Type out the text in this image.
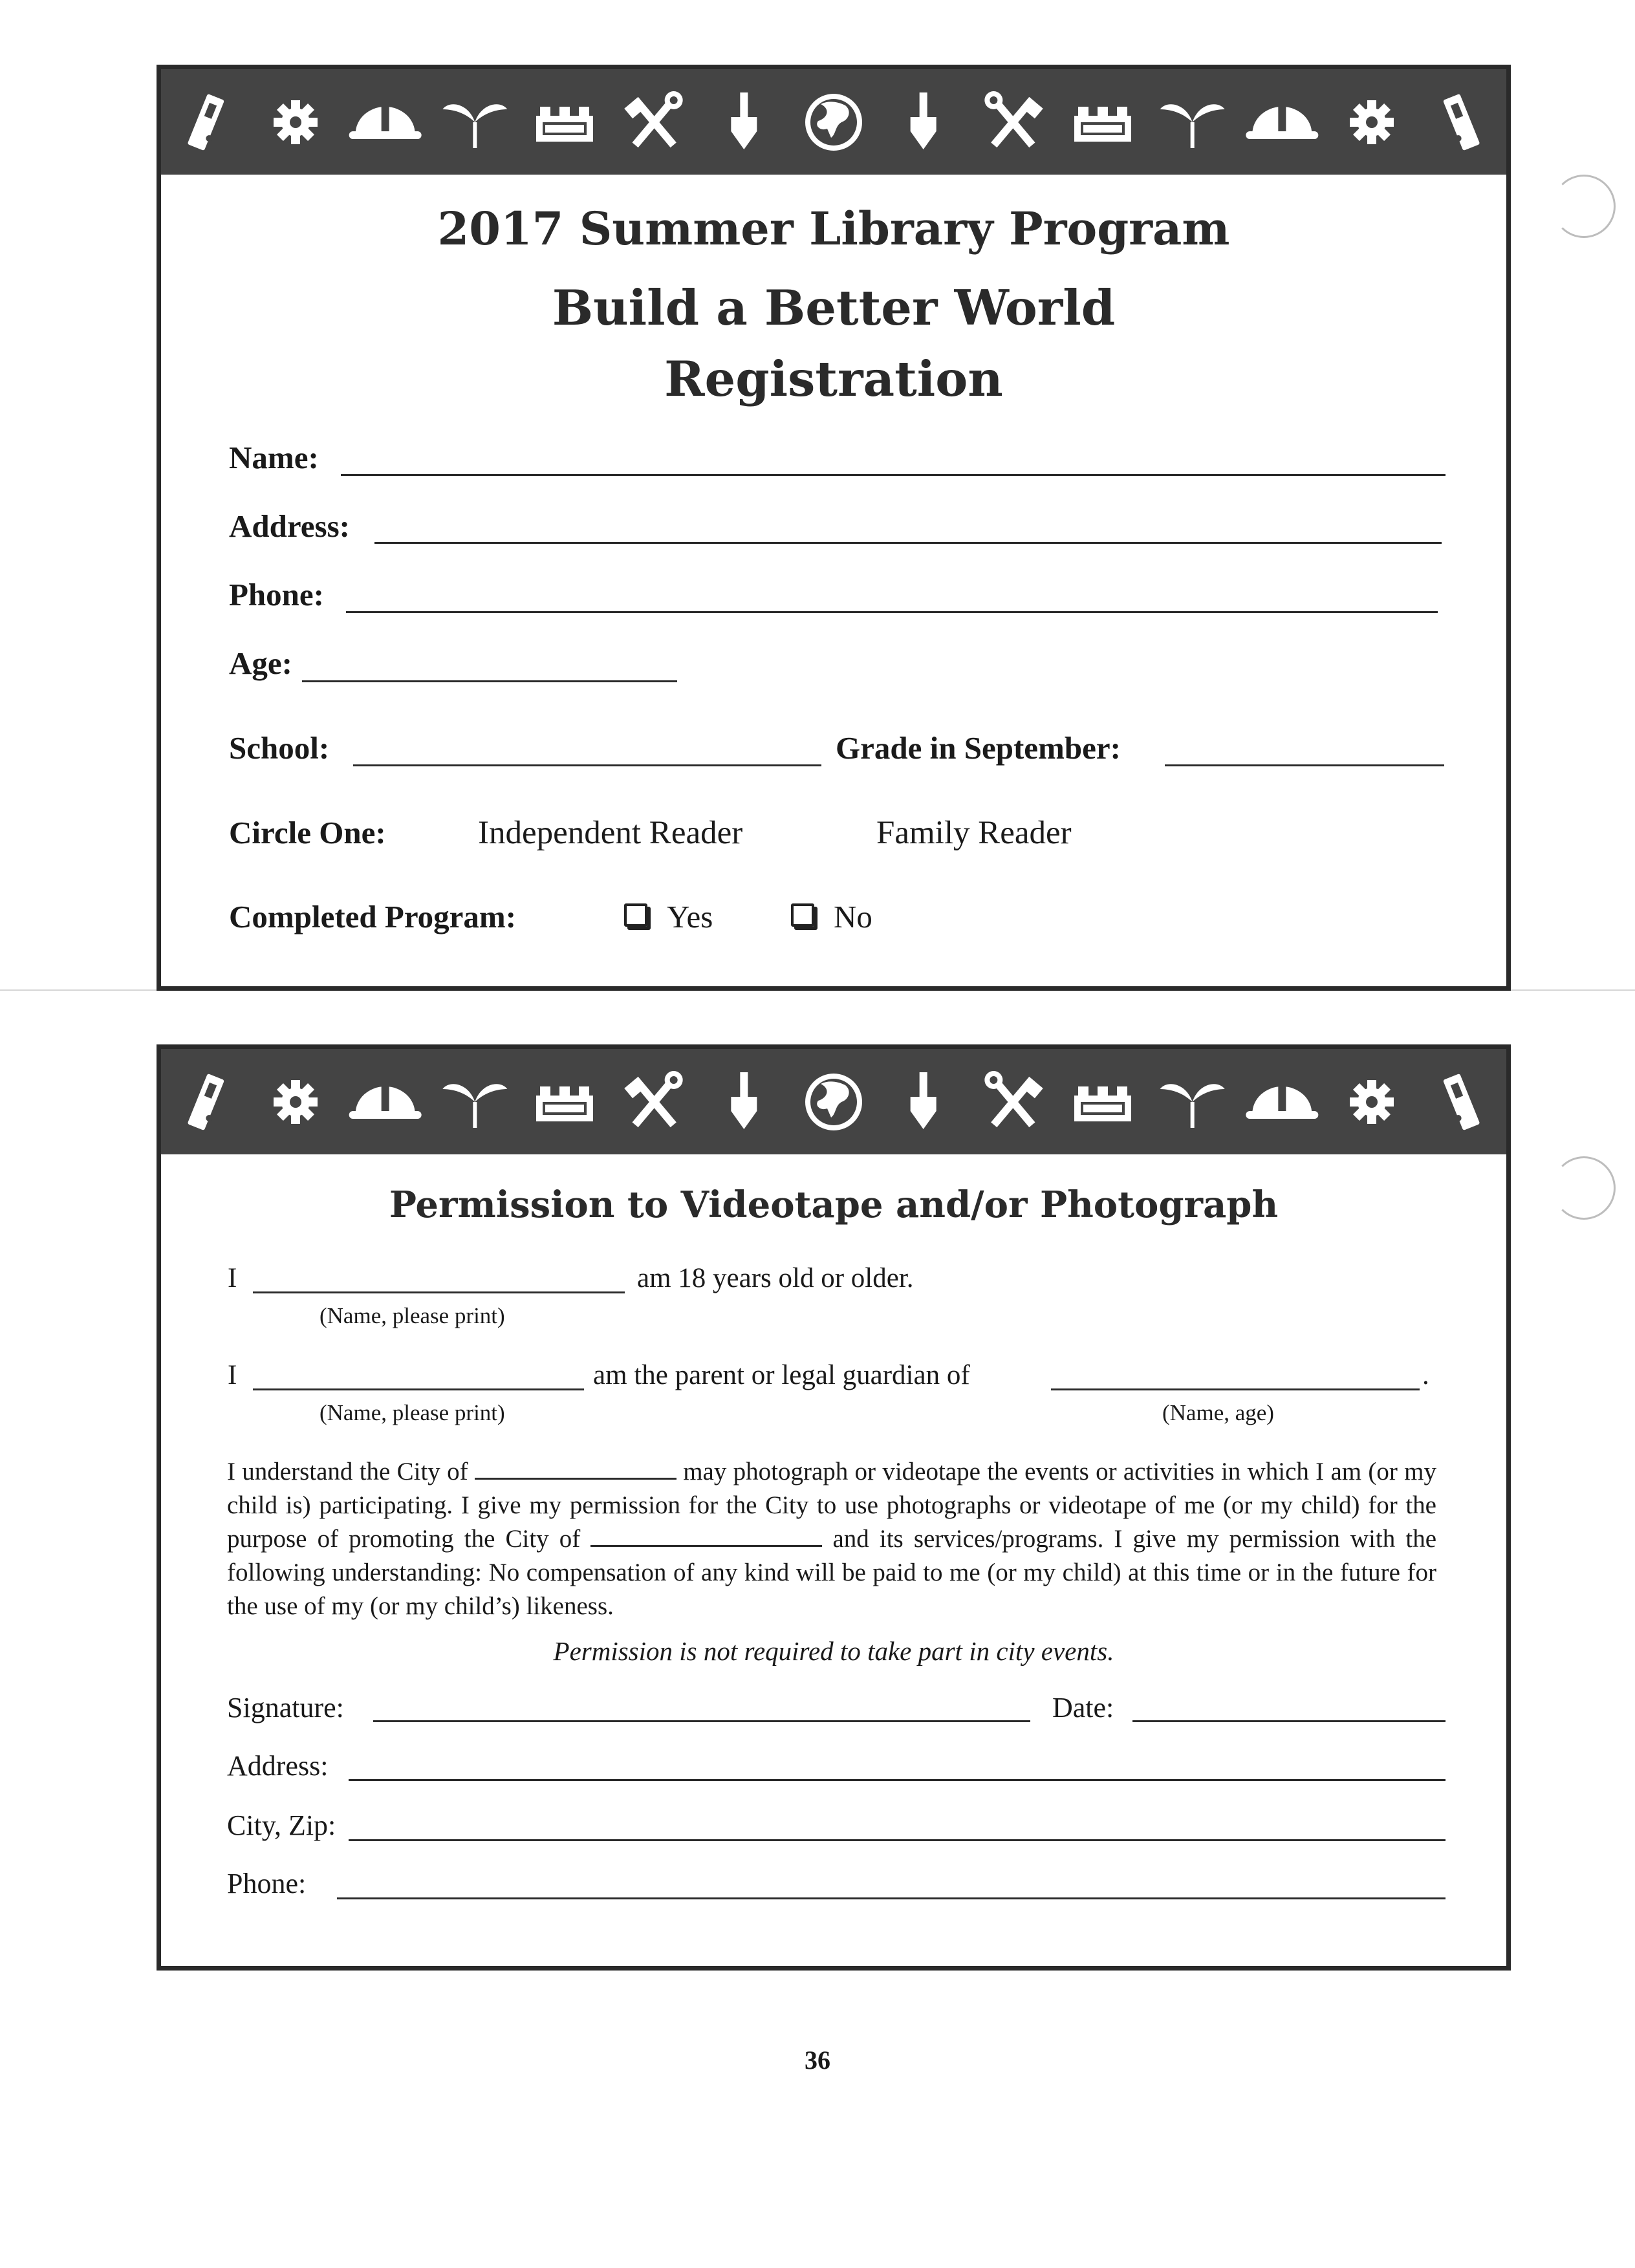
2017 Summer Library Program
Build a Better World
Registration
Name:
Address:
Phone:
Age:
School:	Grade in September:
Circle One:	Independent Reader	Family Reader
Completed Program:	Yes	No
Permission to Videotape and/or Photograph
I	am 18 years old or older.
(Name, please print)
I	am the parent or legal guardian of	.
(Name, please print)	(Name, age)
I understand the City of	may photograph or videotape the events or activities in which I am (or my child is) participating. I give my permission for the City to use photographs or videotape of me (or my child) for the purpose of promoting the City of	and its services/programs. I give my permission with the following understanding: No compensation of any kind will be paid to me (or my child) at this time or in the future for the use of my (or my child’s) likeness.
Permission is not required to take part in city events.
Signature:	Date:
Address:
City, Zip:
Phone:
36
